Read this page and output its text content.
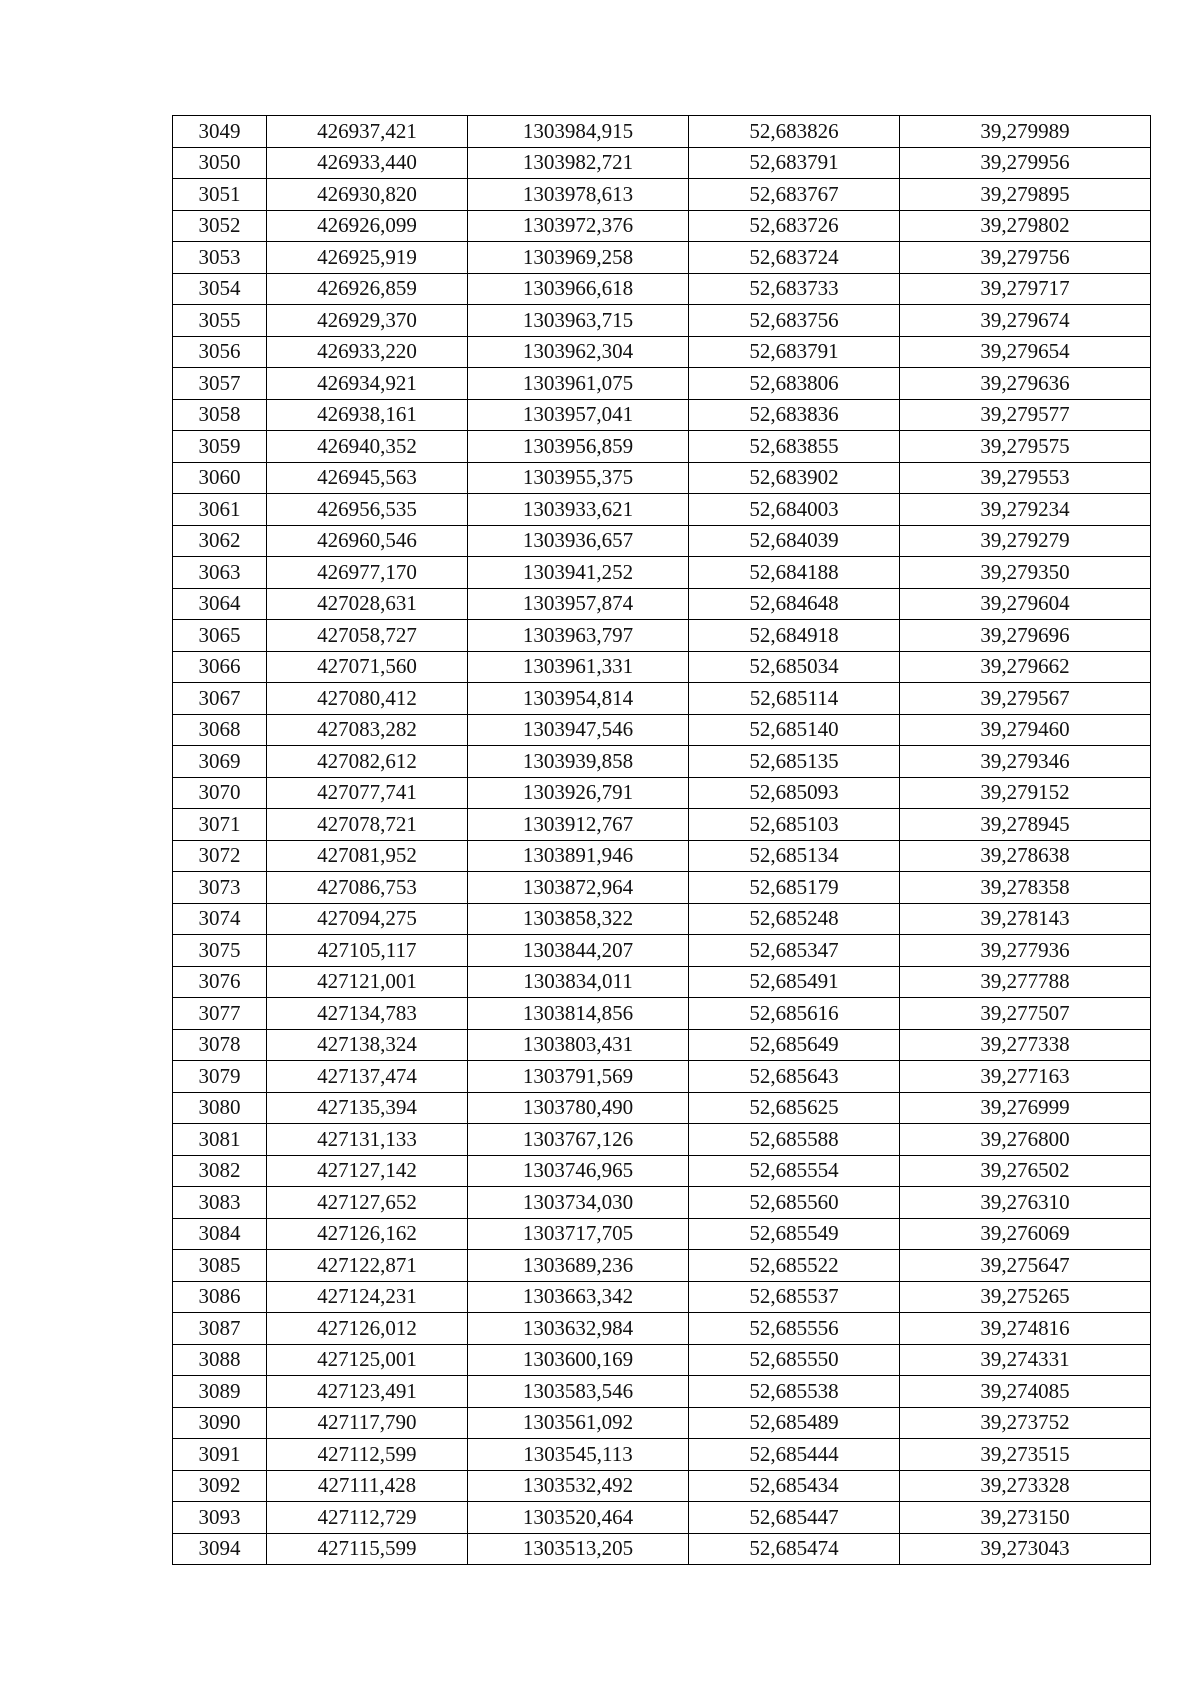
3049	426937,421	1303984,915	52,683826	39,279989
3050	426933,440	1303982,721	52,683791	39,279956
3051	426930,820	1303978,613	52,683767	39,279895
3052	426926,099	1303972,376	52,683726	39,279802
3053	426925,919	1303969,258	52,683724	39,279756
3054	426926,859	1303966,618	52,683733	39,279717
3055	426929,370	1303963,715	52,683756	39,279674
3056	426933,220	1303962,304	52,683791	39,279654
3057	426934,921	1303961,075	52,683806	39,279636
3058	426938,161	1303957,041	52,683836	39,279577
3059	426940,352	1303956,859	52,683855	39,279575
3060	426945,563	1303955,375	52,683902	39,279553
3061	426956,535	1303933,621	52,684003	39,279234
3062	426960,546	1303936,657	52,684039	39,279279
3063	426977,170	1303941,252	52,684188	39,279350
3064	427028,631	1303957,874	52,684648	39,279604
3065	427058,727	1303963,797	52,684918	39,279696
3066	427071,560	1303961,331	52,685034	39,279662
3067	427080,412	1303954,814	52,685114	39,279567
3068	427083,282	1303947,546	52,685140	39,279460
3069	427082,612	1303939,858	52,685135	39,279346
3070	427077,741	1303926,791	52,685093	39,279152
3071	427078,721	1303912,767	52,685103	39,278945
3072	427081,952	1303891,946	52,685134	39,278638
3073	427086,753	1303872,964	52,685179	39,278358
3074	427094,275	1303858,322	52,685248	39,278143
3075	427105,117	1303844,207	52,685347	39,277936
3076	427121,001	1303834,011	52,685491	39,277788
3077	427134,783	1303814,856	52,685616	39,277507
3078	427138,324	1303803,431	52,685649	39,277338
3079	427137,474	1303791,569	52,685643	39,277163
3080	427135,394	1303780,490	52,685625	39,276999
3081	427131,133	1303767,126	52,685588	39,276800
3082	427127,142	1303746,965	52,685554	39,276502
3083	427127,652	1303734,030	52,685560	39,276310
3084	427126,162	1303717,705	52,685549	39,276069
3085	427122,871	1303689,236	52,685522	39,275647
3086	427124,231	1303663,342	52,685537	39,275265
3087	427126,012	1303632,984	52,685556	39,274816
3088	427125,001	1303600,169	52,685550	39,274331
3089	427123,491	1303583,546	52,685538	39,274085
3090	427117,790	1303561,092	52,685489	39,273752
3091	427112,599	1303545,113	52,685444	39,273515
3092	427111,428	1303532,492	52,685434	39,273328
3093	427112,729	1303520,464	52,685447	39,273150
3094	427115,599	1303513,205	52,685474	39,273043
